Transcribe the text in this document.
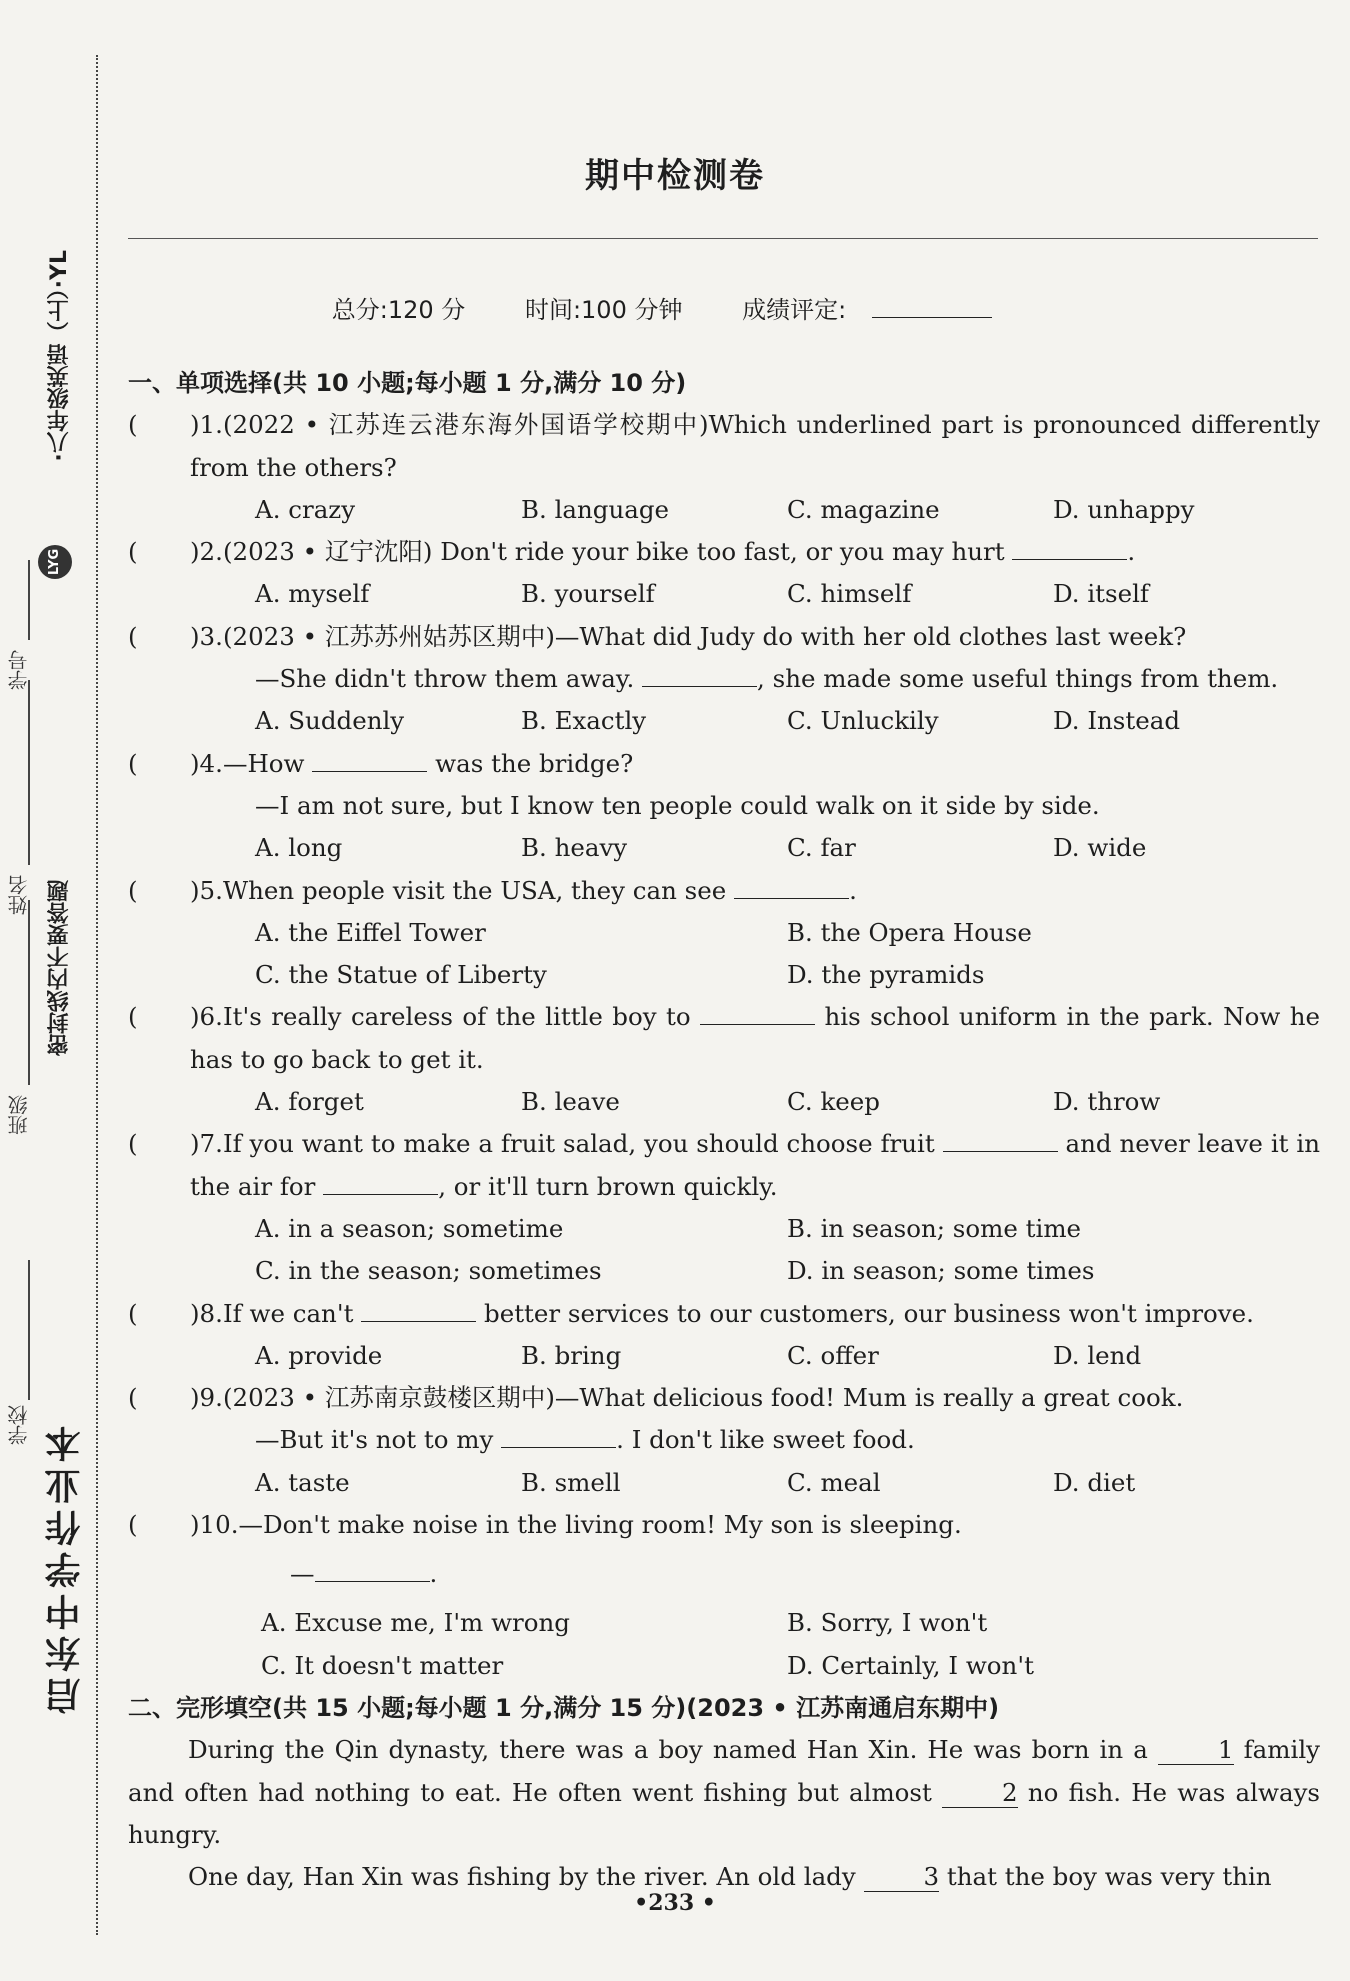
启东中学作业本
密封线内不要答题
LYG
·八年级英语（上）·YL
学校
班级
姓名
学号
期中检测卷
总分:120 分 时间:100 分钟 成绩评定:
一、单项选择(共 10 小题;每小题 1 分,满分 10 分)
(	)1.(2022 • 江苏连云港东海外国语学校期中)Which underlined part is pronounced differently from the others?
A. crazy	B. language	C. magazine	D. unhappy
(	)2.(2023 • 辽宁沈阳) Don't ride your bike too fast, or you may hurt	.
A. myself	B. yourself	C. himself	D. itself
(	)3.(2023 • 江苏苏州姑苏区期中)—What did Judy do with her old clothes last week?
—She didn't throw them away.	, she made some useful things from them.
A. Suddenly	B. Exactly	C. Unluckily	D. Instead
(	)4.—How	was the bridge?
—I am not sure, but I know ten people could walk on it side by side.
A. long	B. heavy	C. far	D. wide
(	)5.When people visit the USA, they can see	.
A. the Eiffel Tower	B. the Opera House
C. the Statue of Liberty	D. the pyramids
(	)6.It's really careless of the little boy to	his school uniform in the park. Now he has to go back to get it.
A. forget	B. leave	C. keep	D. throw
(	)7.If you want to make a fruit salad, you should choose fruit	and never leave it in the air for	, or it'll turn brown quickly.
A. in a season; sometime	B. in season; some time
C. in the season; sometimes	D. in season; some times
(	)8.If we can't	better services to our customers, our business won't improve.
A. provide	B. bring	C. offer	D. lend
(	)9.(2023 • 江苏南京鼓楼区期中)—What delicious food! Mum is really a great cook.
—But it's not to my	. I don't like sweet food.
A. taste	B. smell	C. meal	D. diet
(	)10.—Don't make noise in the living room! My son is sleeping.
—	.
A. Excuse me, I'm wrong	B. Sorry, I won't
C. It doesn't matter	D. Certainly, I won't
二、完形填空(共 15 小题;每小题 1 分,满分 15 分)(2023 • 江苏南通启东期中)
During the Qin dynasty, there was a boy named Han Xin. He was born in a	1 family and often had nothing to eat. He often went fishing but almost	2 no fish. He was always hungry.
One day, Han Xin was fishing by the river. An old lady	3 that the boy was very thin
•233 •
